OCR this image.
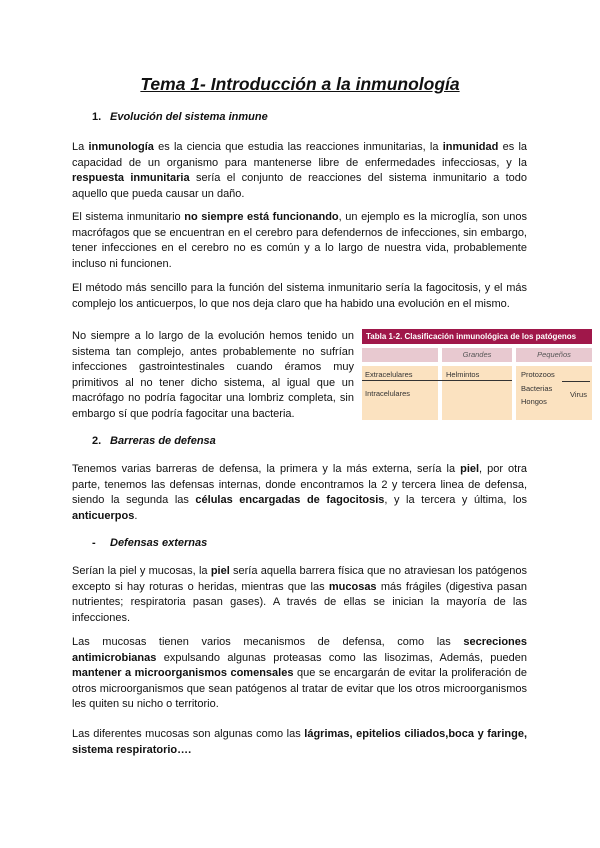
Tema 1- Introducción a la inmunología
1. Evolución del sistema inmune
La inmunología es la ciencia que estudia las reacciones inmunitarias, la inmunidad es la capacidad de un organismo para mantenerse libre de enfermedades infecciosas, y la respuesta inmunitaria sería el conjunto de reacciones del sistema inmunitario a todo aquello que pueda causar un daño.
El sistema inmunitario no siempre está funcionando, un ejemplo es la microglía, son unos macrófagos que se encuentran en el cerebro para defendernos de infecciones, sin embargo, tener infecciones en el cerebro no es común y a lo largo de nuestra vida, probablemente incluso ni funcionen.
El método más sencillo para la función del sistema inmunitario sería la fagocitosis, y el más complejo los anticuerpos, lo que nos deja claro que ha habido una evolución en el mismo.
No siempre a lo largo de la evolución hemos tenido un sistema tan complejo, antes probablemente no sufrían infecciones gastrointestinales cuando éramos muy primitivos al no tener dicho sistema, al igual que un macrófago no podría fagocitar una lombriz completa, sin embargo sí que podría fagocitar una bacteria.
Tabla 1-2. Clasificación inmunológica de los patógenos
Grandes	Pequeños
Extracelulares
Intracelulares
Helmintos	Protozoos
Bacterias
Hongos
Virus
2. Barreras de defensa
Tenemos varias barreras de defensa, la primera y la más externa, sería la piel, por otra parte, tenemos las defensas internas, donde encontramos la 2 y tercera linea de defensa, siendo la segunda las células encargadas de fagocitosis, y la tercera y última, los anticuerpos.
- Defensas externas
Serían la piel y mucosas, la piel sería aquella barrera física que no atraviesan los patógenos excepto si hay roturas o heridas, mientras que las mucosas más frágiles (digestiva pasan nutrientes; respiratoria pasan gases). A través de ellas se inician la mayoría de las infecciones.
Las mucosas tienen varios mecanismos de defensa, como las secreciones antimicrobianas expulsando algunas proteasas como las lisozimas, Además, pueden mantener a microorganismos comensales que se encargarán de evitar la proliferación de otros microorganismos que sean patógenos al tratar de evitar que los otros microorganismos les quiten su nicho o territorio.
Las diferentes mucosas son algunas como las lágrimas, epitelios ciliados,boca y faringe, sistema respiratorio….
